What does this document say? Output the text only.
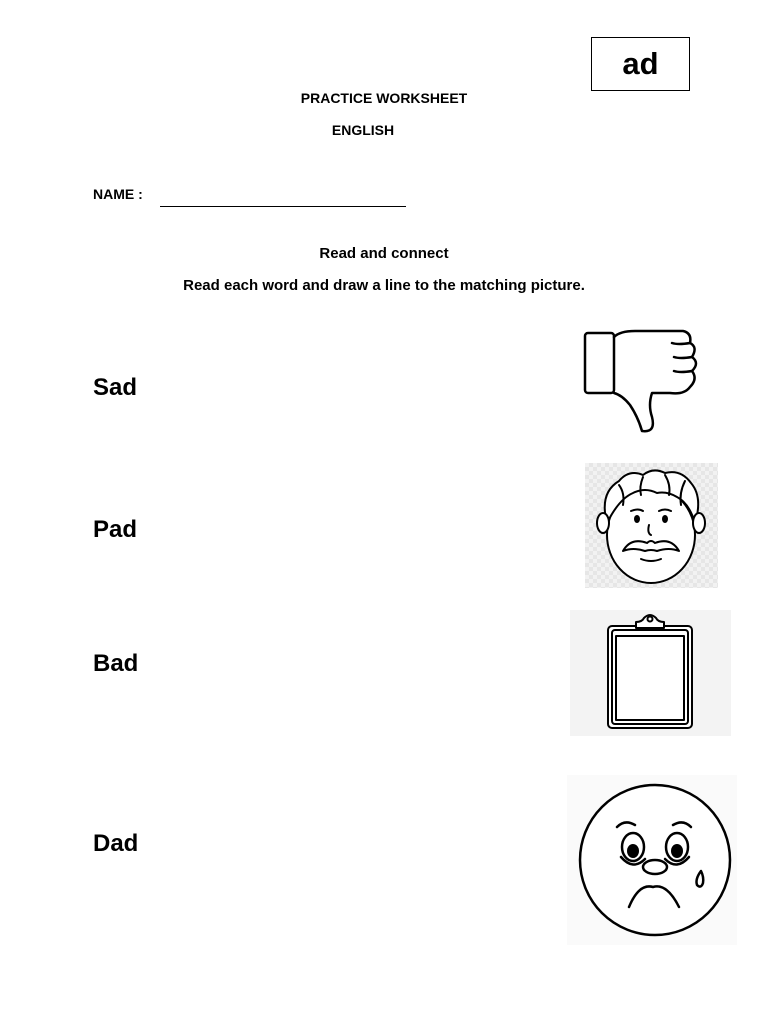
ad
PRACTICE WORKSHEET
ENGLISH
NAME :
Read and connect
Read each word and draw a line to the matching picture.
Sad
Pad
Bad
Dad
